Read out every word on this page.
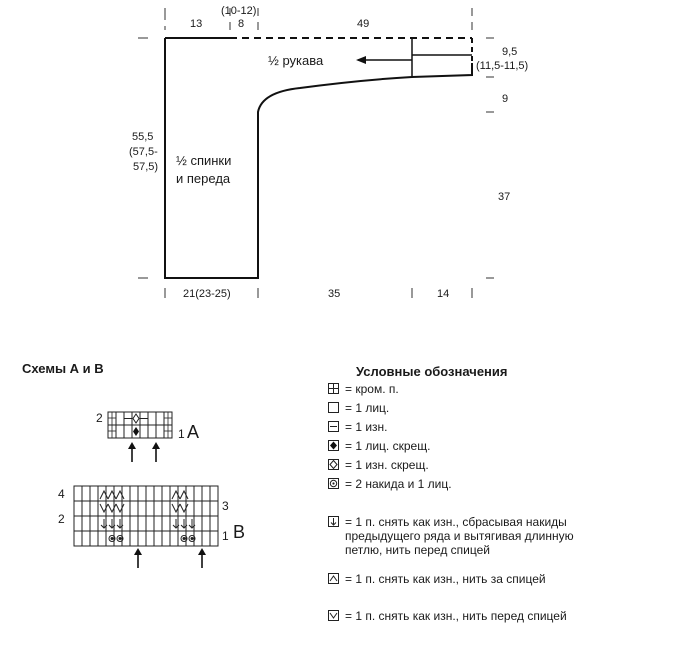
13	8
(10-12)
49
9,5
(11,5-11,5)
9
37
55,5
(57,5-
57,5)
21(23-25)	35	14
½ рукава
½ спинки
и переда
Схемы А и В
2
1 A
4
2
3
1 B
Условные обозначения
= кром. п.
= 1 лиц.
= 1 изн.
= 1 лиц. скрещ.
= 1 изн. скрещ.
= 2 накида и 1 лиц.
= 1 п. снять как изн., сбрасывая накиды
предыдущего ряда и вытягивая длинную
петлю, нить перед спицей
= 1 п. снять как изн., нить за спицей
= 1 п. снять как изн., нить перед спицей
